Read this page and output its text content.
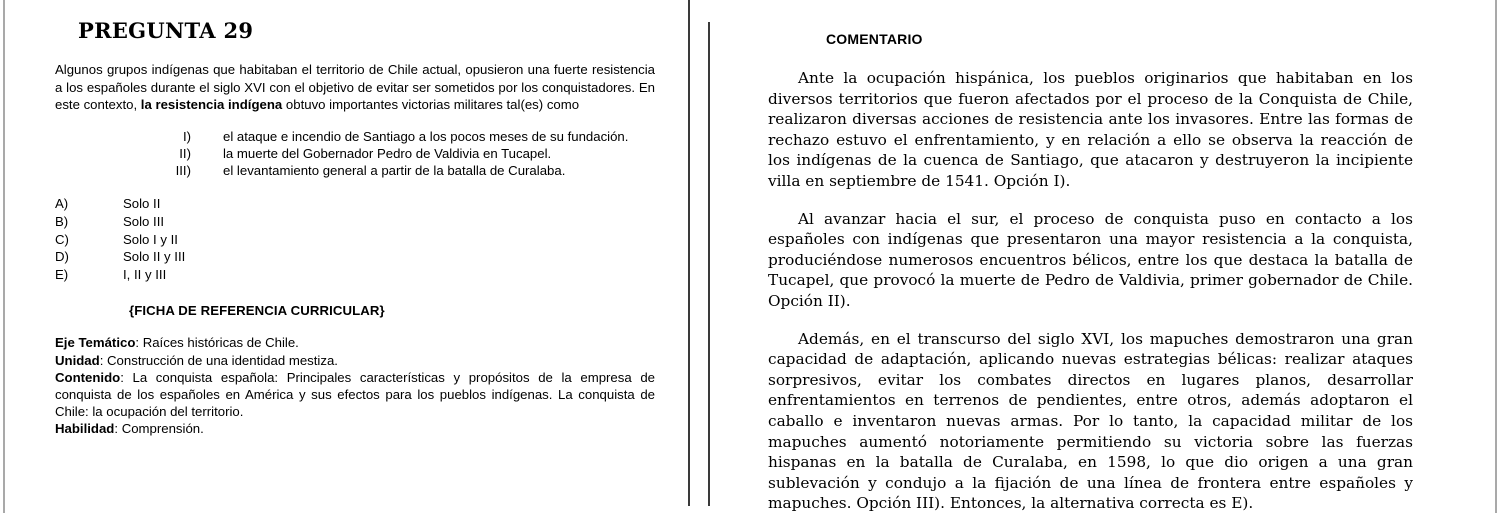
PREGUNTA 29

Algunos grupos indígenas que habitaban el territorio de Chile actual, opusieron una fuerte resistencia a los españoles durante el siglo XVI con el objetivo de evitar ser sometidos por los conquistadores. En este contexto, la resistencia indígena obtuvo importantes victorias militares tal(es) como

I) el ataque e incendio de Santiago a los pocos meses de su fundación.
II) la muerte del Gobernador Pedro de Valdivia en Tucapel.
III) el levantamiento general a partir de la batalla de Curalaba.
A)	Solo II
B)	Solo III
C)	Solo I y II
D)	Solo II y III
E)	I, II y III
{FICHA DE REFERENCIA CURRICULAR}
Eje Temático: Raíces históricas de Chile.
Unidad: Construcción de una identidad mestiza.
Contenido: La conquista española: Principales características y propósitos de la empresa de conquista de los españoles en América y sus efectos para los pueblos indígenas. La conquista de Chile: la ocupación del territorio.
Habilidad: Comprensión.
COMENTARIO

Ante la ocupación hispánica, los pueblos originarios que habitaban en los diversos territorios que fueron afectados por el proceso de la Conquista de Chile, realizaron diversas acciones de resistencia ante los invasores. Entre las formas de rechazo estuvo el enfrentamiento, y en relación a ello se observa la reacción de los indígenas de la cuenca de Santiago, que atacaron y destruyeron la incipiente villa en septiembre de 1541. Opción I).

Al avanzar hacia el sur, el proceso de conquista puso en contacto a los españoles con indígenas que presentaron una mayor resistencia a la conquista, produciéndose numerosos encuentros bélicos, entre los que destaca la batalla de Tucapel, que provocó la muerte de Pedro de Valdivia, primer gobernador de Chile. Opción II).

Además, en el transcurso del siglo XVI, los mapuches demostraron una gran capacidad de adaptación, aplicando nuevas estrategias bélicas: realizar ataques sorpresivos, evitar los combates directos en lugares planos, desarrollar enfrentamientos en terrenos de pendientes, entre otros, además adoptaron el caballo e inventaron nuevas armas. Por lo tanto, la capacidad militar de los mapuches aumentó notoriamente permitiendo su victoria sobre las fuerzas hispanas en la batalla de Curalaba, en 1598, lo que dio origen a una gran sublevación y condujo a la fijación de una línea de frontera entre españoles y mapuches. Opción III). Entonces, la alternativa correcta es E).
